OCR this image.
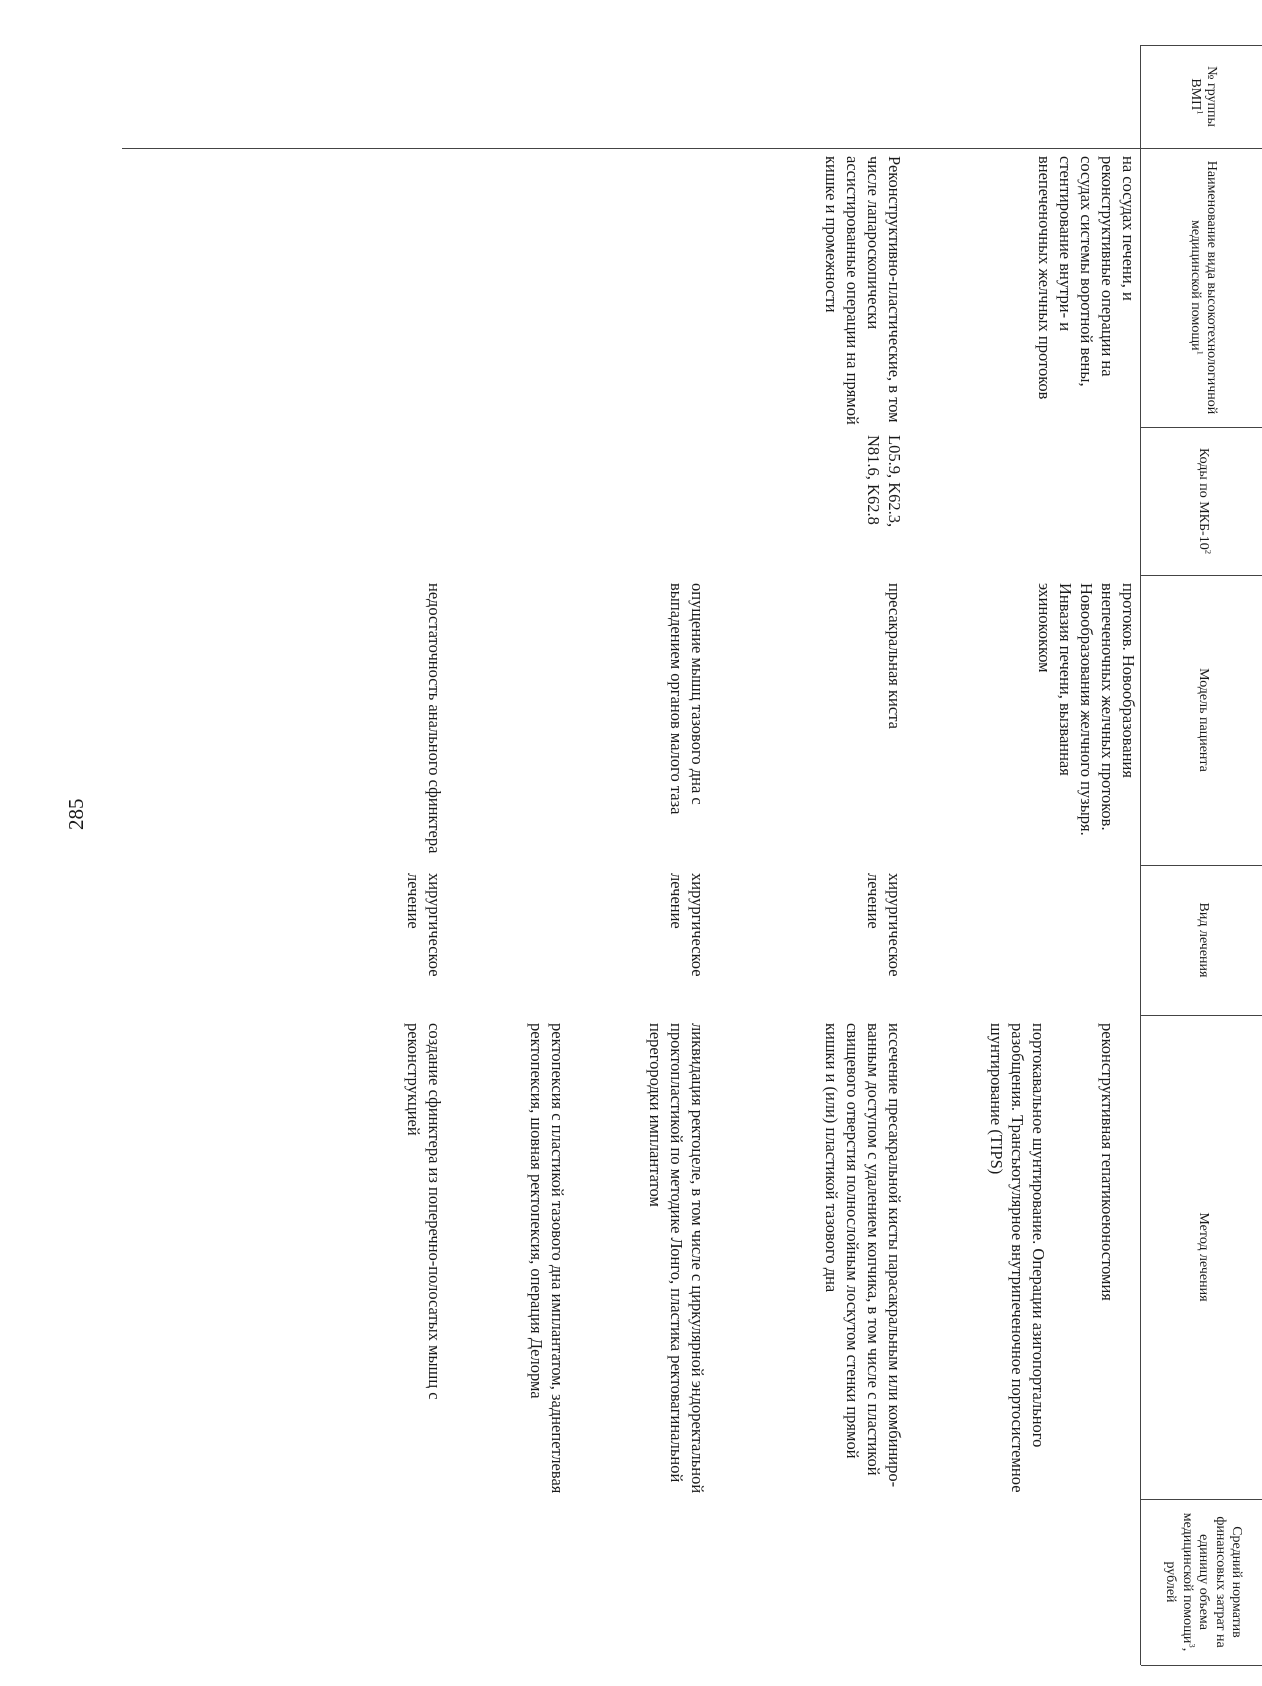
285
№ группы ВМП$^1$
Наименование вида высокотехнологичной медицинской помощи$^1$
Коды по МКБ-$10^2$
Модель пациента
Вид лечения
Метод лечения
Средний норматив финансовых затрат на единицу объема медицинской помощи$^3$, рублей
на сосудах печени, и реконструктивные операции на сосудах системы воротной вены, стентирование внутри- и внепеченочных желчных протоков
протоков. Новообразования внепеченочных желчных протоков. Новообразования желчного пузыря. Инвазия печени, вызванная эхинококком
реконструктивная гепатикоеюностомия
портокавальное шунтирование. Операции азигопортального разобщения. Трансъюгулярное внутрипеченочное портосистемное шунтирование (TIPS)
Реконструктивно-пластические, в том числе лапароскопически ассистированные операции на прямой кишке и промежности
L05.9, K62.3, N81.6, K62.8
пресакральная киста
хирургическое лечение
иссечение пресакральной кисты парасакральным или комбиниро-ванным доступом с удалением копчика, в том числе с пластикой свищевого отверстия полнослойным лоскутом стенки прямой кишки и (или) пластикой тазового дна
опущение мышц тазового дна с выпадением органов малого таза
хирургическое лечение
ликвидация ректоцеле, в том числе с циркулярной эндоректальной проктопластикой по методике Лонго, пластика ректовагинальной перегородки имплантатом
ректопексия с пластикой тазового дна имплантатом, заднепетлевая ректопексия, шовная ректопексия, операция Делорма
недостаточность анального сфинктера
хирургическое лечение
создание сфинктера из поперечно-полосатых мышц с реконструкцией
